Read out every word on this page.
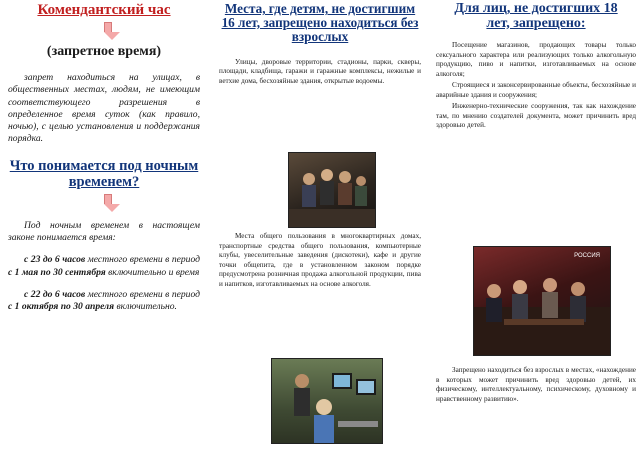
Комендантский час
(запретное время)

запрет находиться на улицах, в общественных местах, людям, не имеющим соответствующего разрешения в определенное время суток (как правило, ночью), с целью установления и поддержания порядка.

Что понимается под ночным временем?

Под ночным временем в настоящем законе понимается время:

с 23 до 6 часов местного времени в период с 1 мая по 30 сентября включительно и время

с 22 до 6 часов местного времени в период с 1 октября по 30 апреля включительно.

Места, где детям, не достигшим 16 лет, запрещено находиться без взрослых

Улицы, дворовые территории, стадионы, парки, скверы, площади, кладбища, гаражи и гаражные комплексы, нежилые и ветхие дома, бесхозяйные здания, открытые водоемы.

Места общего пользования в многоквартирных домах, транспортные средства общего пользования, компьютерные клубы, увеселительные заведения (дискотеки), кафе и другие точки общепита, где в установленном законом порядке предусмотрена розничная продажа алкогольной продукции, пива и напитков, изготавливаемых на основе алкоголя.

Для лиц, не достигших 18 лет, запрещено:

Посещение магазинов, продающих товары только сексуального характера или реализующих только алкогольную продукцию, пиво и напитки, изготавливаемых на основе алкоголя;

Строящиеся и законсервированные объекты, бесхозяйные и аварийные здания и сооружения;

Инженерно-технические сооружения, так как нахождение там, по мнению создателей документа, может причинить вред здоровью детей.

РОССИЯ

Запрещено находиться без взрослых в местах, «нахождение в которых может причинить вред здоровью детей, их физическому, интеллектуальному, психическому, духовному и нравственному развитию».
